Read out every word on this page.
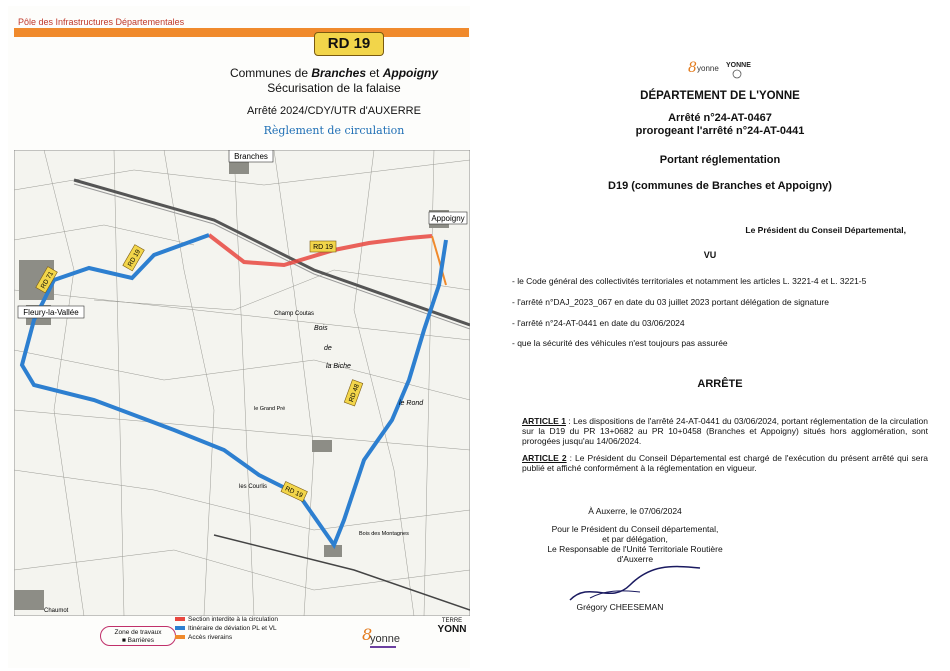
Pôle des Infrastructures Départementales
RD 19
Communes de Branches et Appoigny
Sécurisation de la falaise
Arrêté 2024/CDY/UTR d'AUXERRE
Règlement de circulation
Branches
Appoigny
Fleury-la-Vallée
RD 19
RD 19
RD 71
RD 48
RD 19
Champ Coutas
Bois
de
la Biche
le Rond
les Courlis
le Grand Pré
Bois des Montagnes
Chaumot
Zone de travaux
■ Barrières
Section interdite à la circulation
Itinéraire de déviation PL et VL
Accès riverains	8
yonne
TERRE
YONN
8 yonne YONNE
DÉPARTEMENT DE L'YONNE
Arrêté n°24-AT-0467
prorogeant l'arrêté n°24-AT-0441
Portant réglementation
D19 (communes de Branches et Appoigny)
Le Président du Conseil Départemental,
VU
- le Code général des collectivités territoriales et notamment les articles L. 3221-4 et L. 3221-5
- l'arrêté n°DAJ_2023_067 en date du 03 juillet 2023 portant délégation de signature
- l'arrêté n°24-AT-0441 en date du 03/06/2024
- que la sécurité des véhicules n'est toujours pas assurée
ARRÊTE
ARTICLE 1 : Les dispositions de l'arrêté 24-AT-0441 du 03/06/2024, portant réglementation de la circulation sur la D19 du PR 13+0682 au PR 10+0458 (Branches et Appoigny) situés hors agglomération, sont prorogées jusqu'au 14/06/2024.
ARTICLE 2 : Le Président du Conseil Départemental est chargé de l'exécution du présent arrêté qui sera publié et affiché conformément à la réglementation en vigueur.
À Auxerre, le 07/06/2024
Pour le Président du Conseil départemental,
et par délégation,
Le Responsable de l'Unité Territoriale Routière
d'Auxerre
Grégory CHEESEMAN
